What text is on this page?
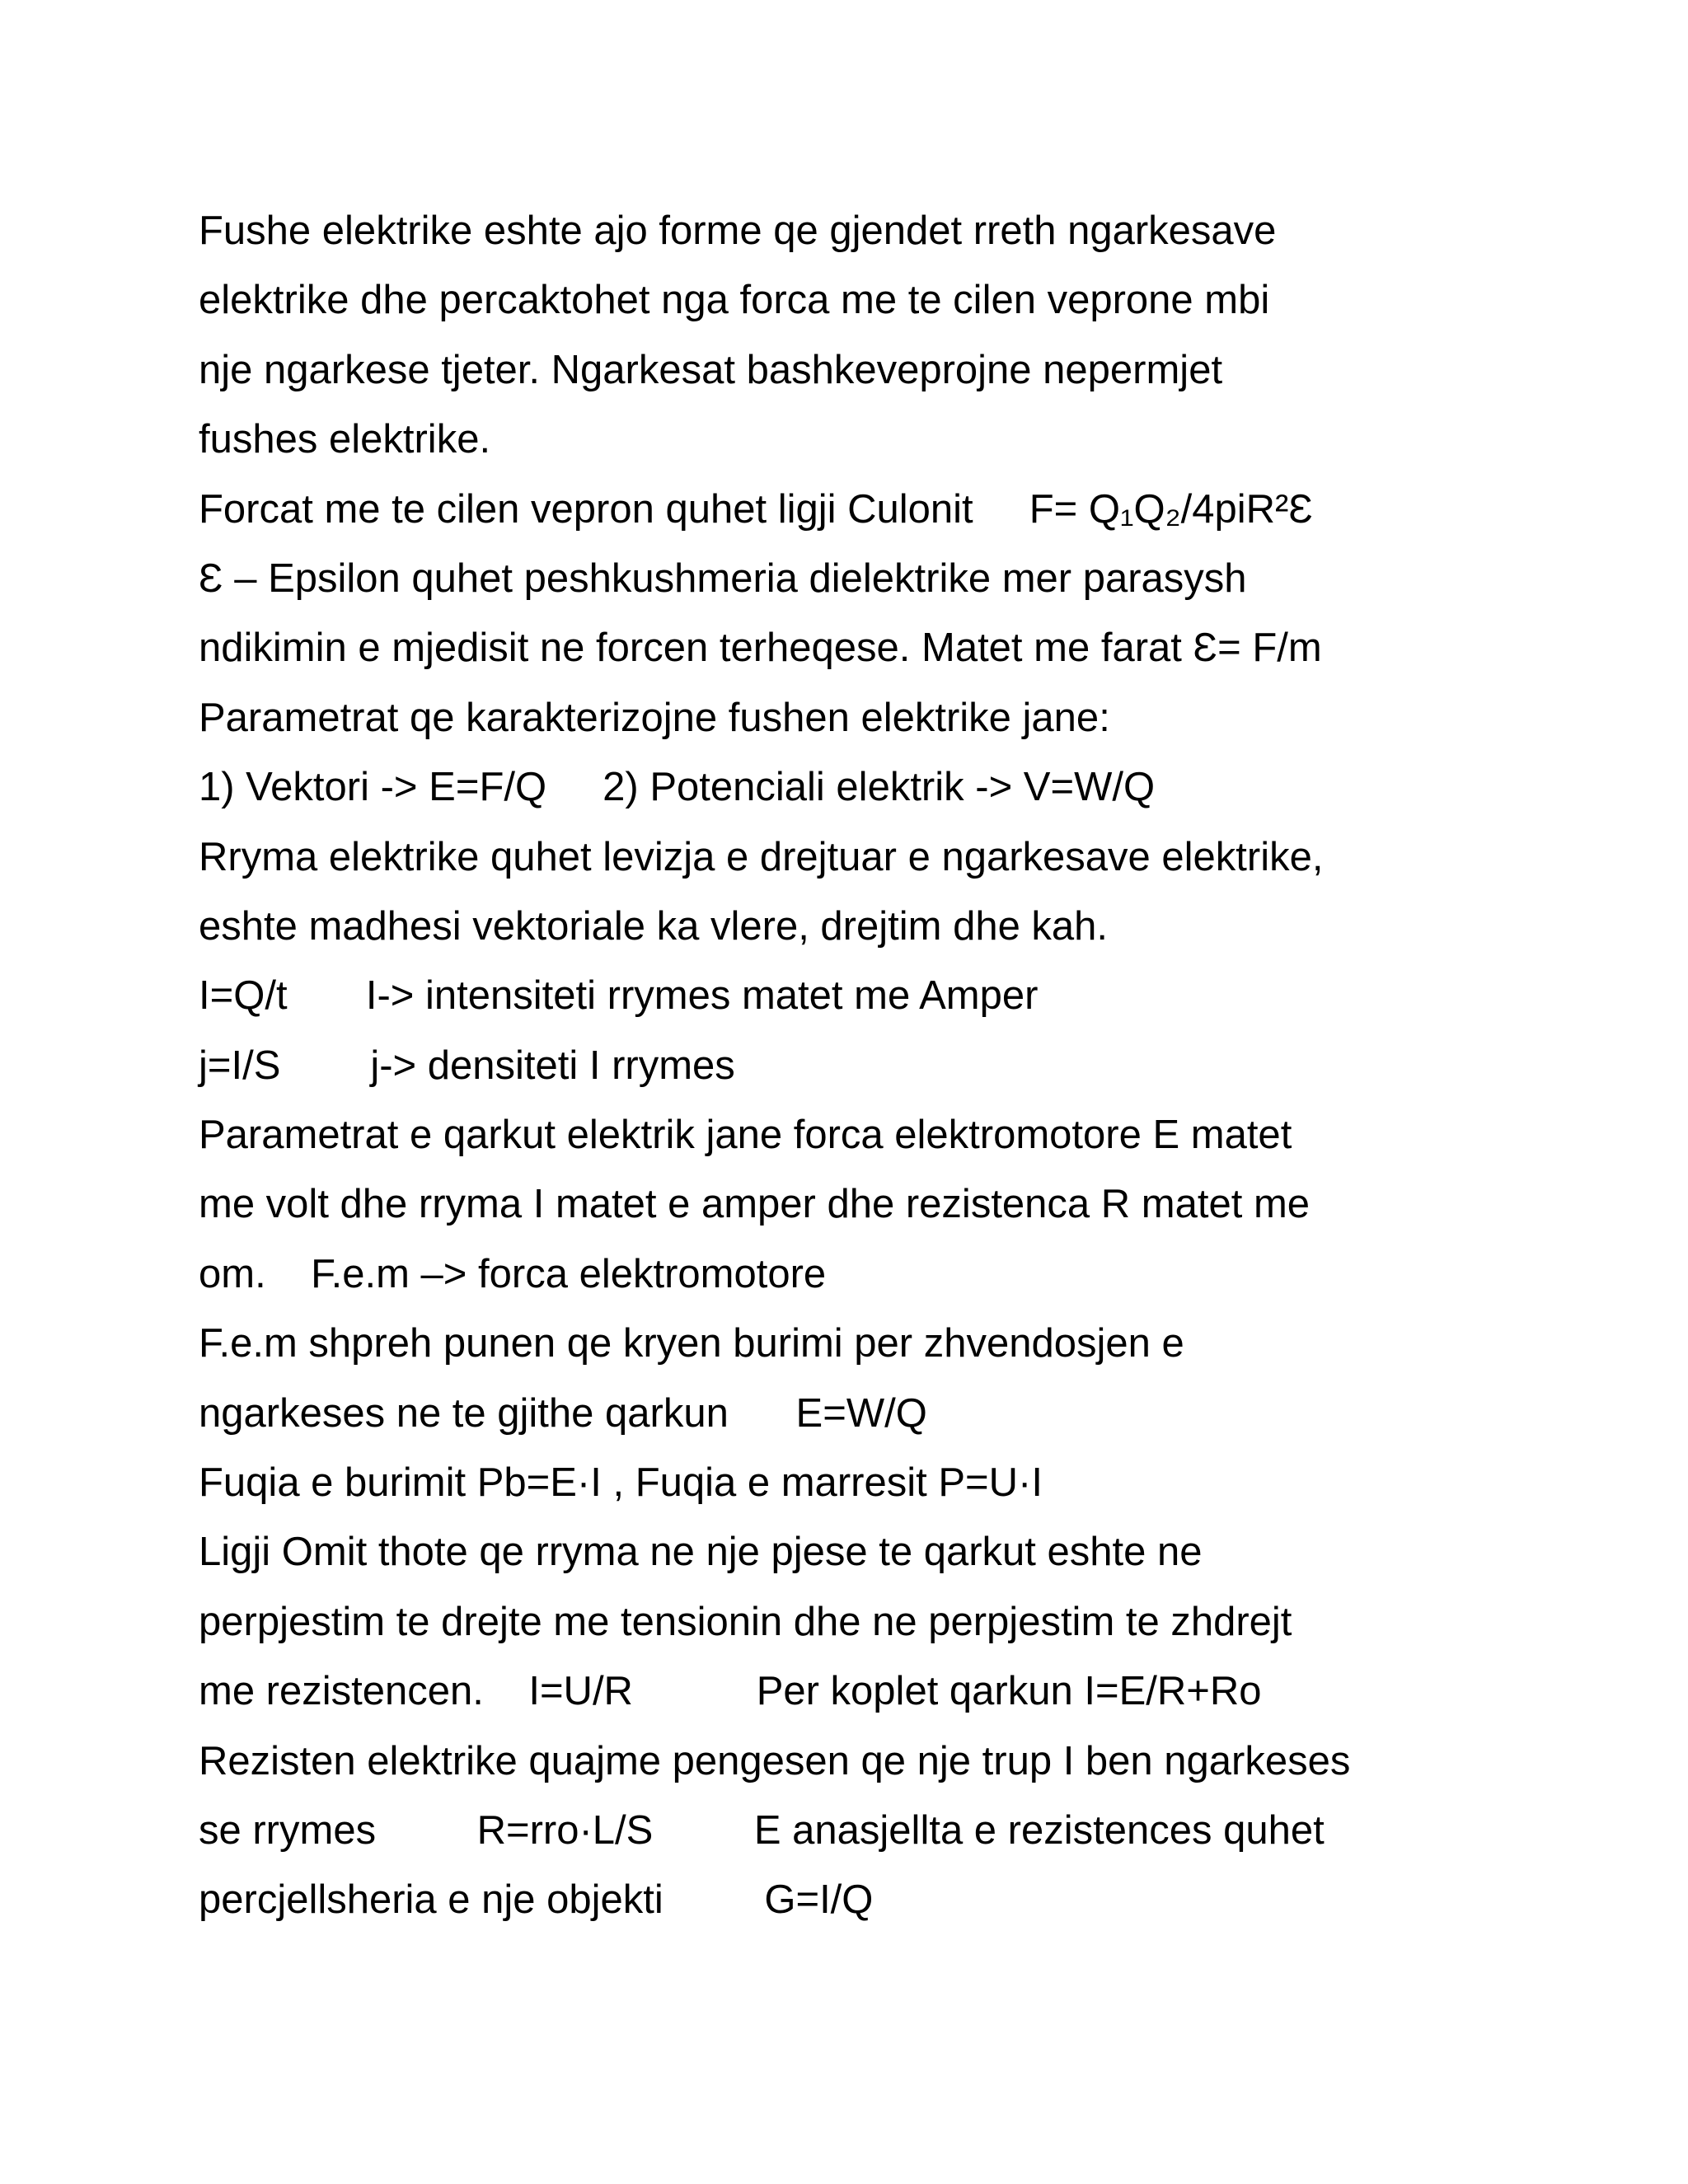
Fushe elektrike eshte ajo forme qe gjendet rreth ngarkesave

elektrike dhe percaktohet nga forca me te cilen veprone mbi

nje ngarkese tjeter. Ngarkesat bashkeveprojne nepermjet

fushes elektrike.

Forcat me te cilen vepron quhet ligji Culonit     F= Q₁Q₂/4piR²Ɛ

Ɛ – Epsilon quhet peshkushmeria dielektrike mer parasysh

ndikimin e mjedisit ne forcen terheqese. Matet me farat Ɛ= F/m

Parametrat qe karakterizojne fushen elektrike jane:

1) Vektori -> E=F/Q     2) Potenciali elektrik -> V=W/Q

Rryma elektrike quhet levizja e drejtuar e ngarkesave elektrike,

eshte madhesi vektoriale ka vlere, drejtim dhe kah.

I=Q/t       I-> intensiteti rrymes matet me Amper

j=I/S        j-> densiteti I rrymes

Parametrat e qarkut elektrik jane forca elektromotore E matet

me volt dhe rryma I matet e amper dhe rezistenca R matet me

om.    F.e.m –> forca elektromotore

F.e.m shpreh punen qe kryen burimi per zhvendosjen e

ngarkeses ne te gjithe qarkun      E=W/Q

Fuqia e burimit Pb=E·I , Fuqia e marresit P=U·I

Ligji Omit thote qe rryma ne nje pjese te qarkut eshte ne

perpjestim te drejte me tensionin dhe ne perpjestim te zhdrejt

me rezistencen.    I=U/R           Per koplet qarkun I=E/R+Ro

Rezisten elektrike quajme pengesen qe nje trup I ben ngarkeses

se rrymes         R=rro·L/S         E anasjellta e rezistences quhet

percjellsheria e nje objekti         G=I/Q
